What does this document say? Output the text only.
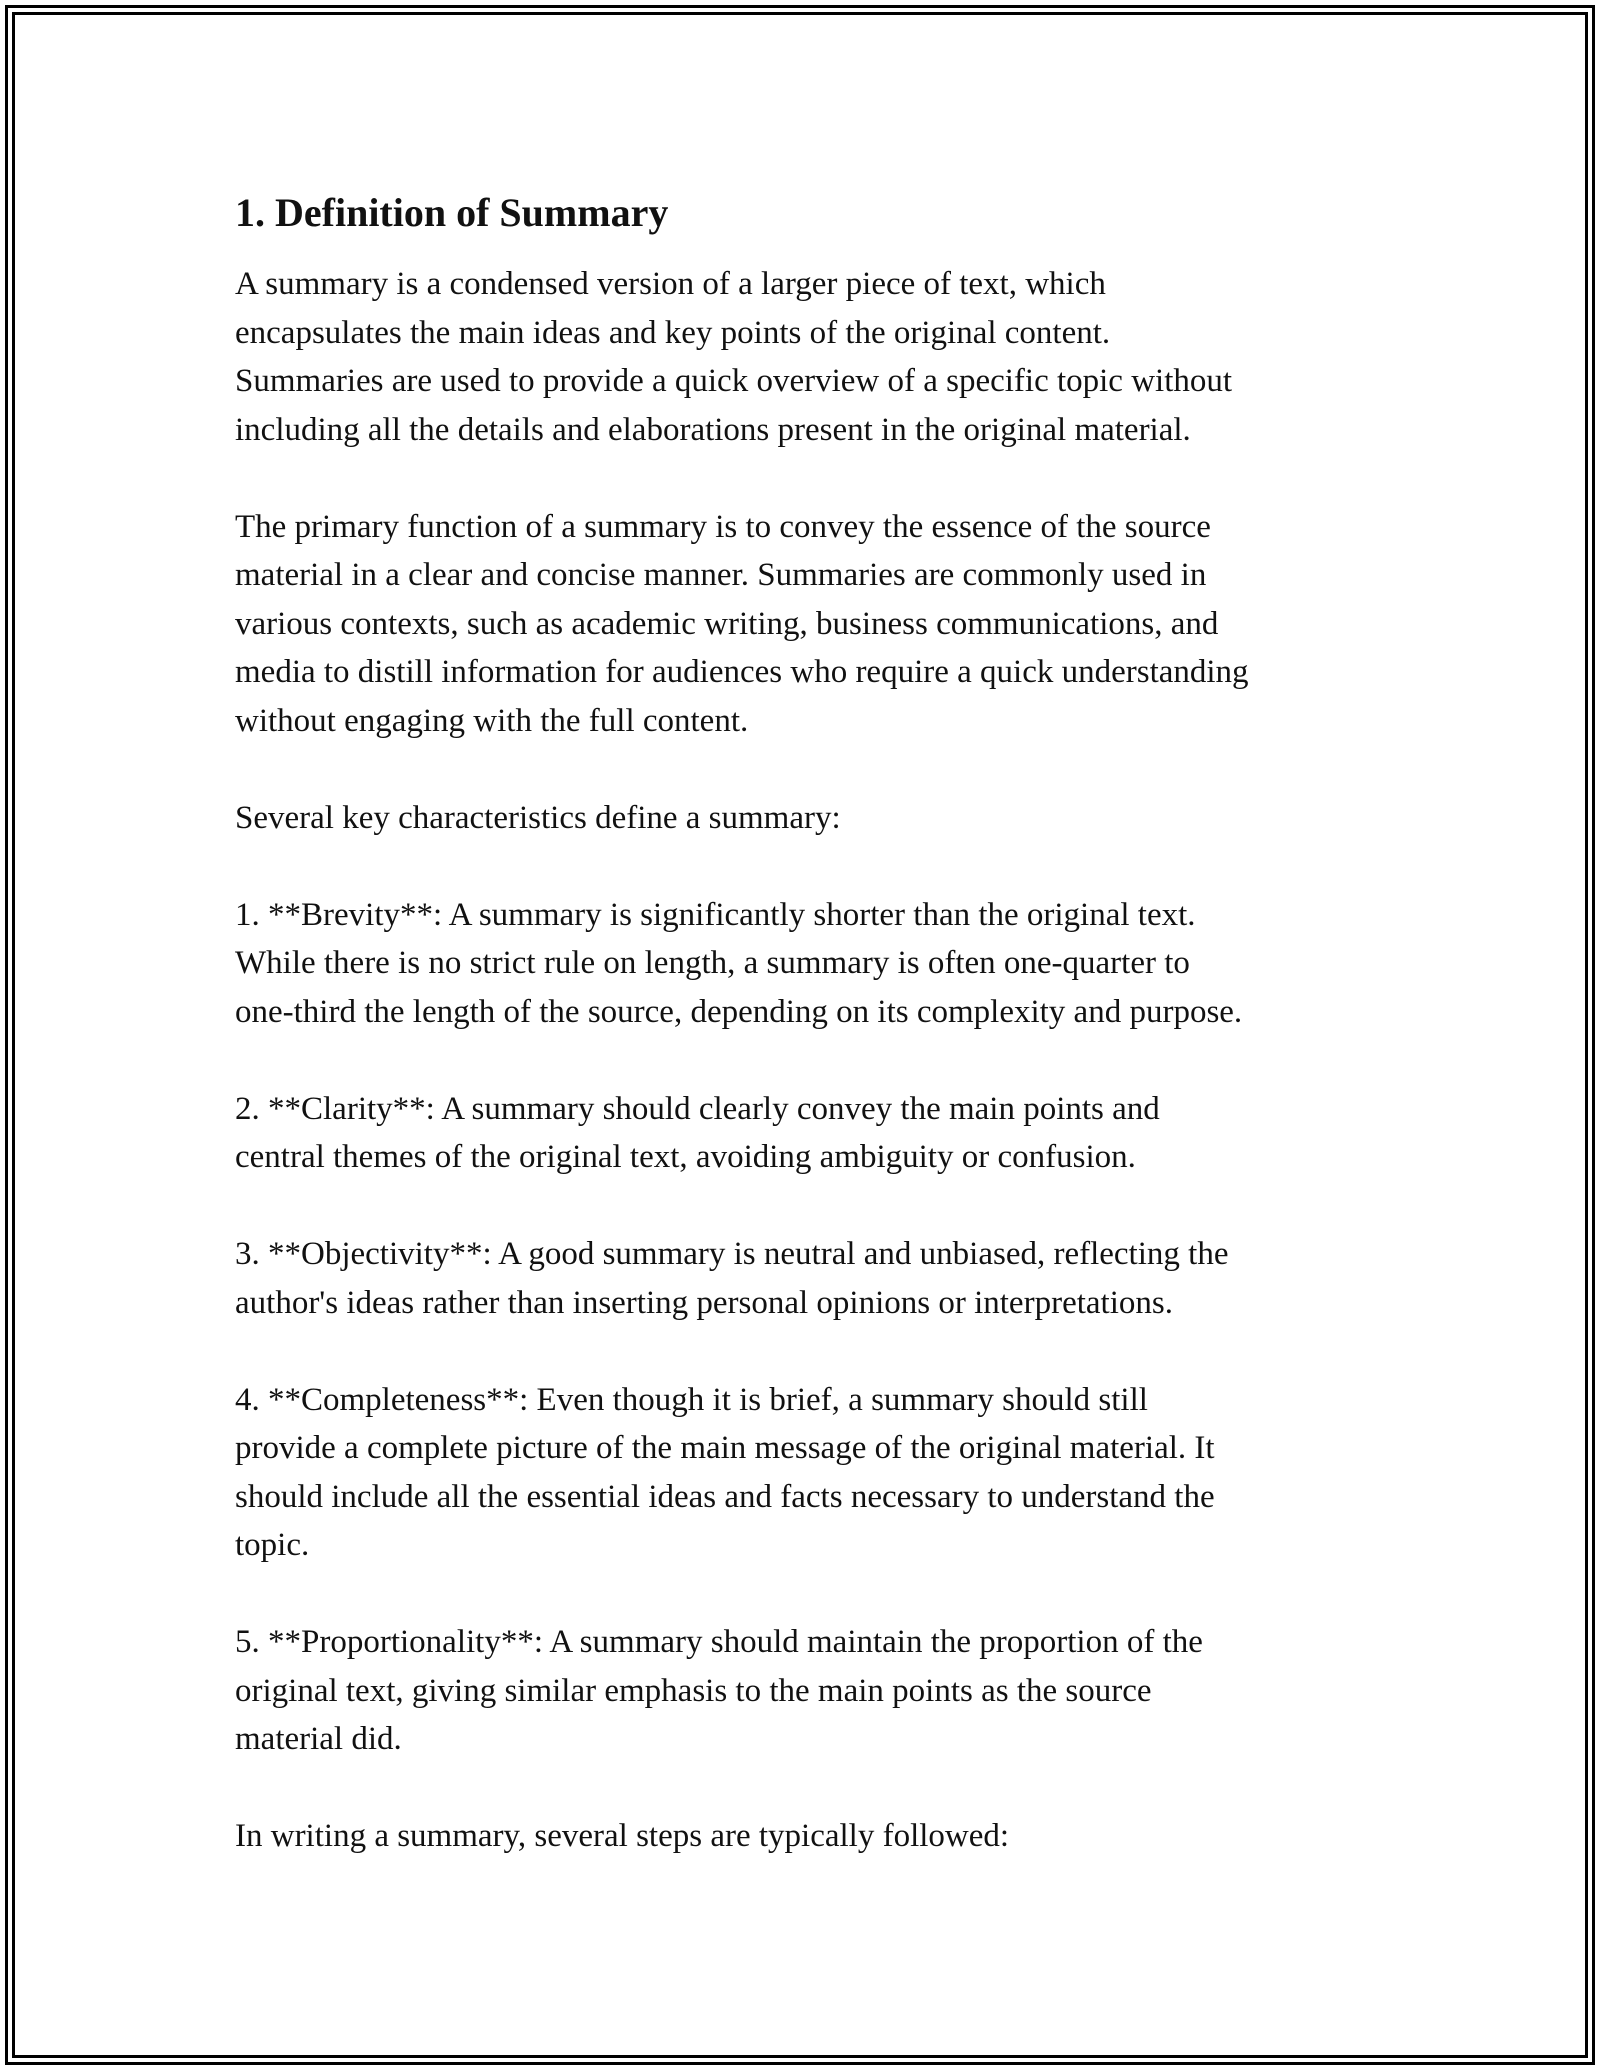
1. Definition of Summary

A summary is a condensed version of a larger piece of text, which
encapsulates the main ideas and key points of the original content.
Summaries are used to provide a quick overview of a specific topic without
including all the details and elaborations present in the original material.

The primary function of a summary is to convey the essence of the source
material in a clear and concise manner. Summaries are commonly used in
various contexts, such as academic writing, business communications, and
media to distill information for audiences who require a quick understanding
without engaging with the full content.

Several key characteristics define a summary:

1. **Brevity**: A summary is significantly shorter than the original text.
While there is no strict rule on length, a summary is often one-quarter to
one-third the length of the source, depending on its complexity and purpose.

2. **Clarity**: A summary should clearly convey the main points and
central themes of the original text, avoiding ambiguity or confusion.

3. **Objectivity**: A good summary is neutral and unbiased, reflecting the
author's ideas rather than inserting personal opinions or interpretations.

4. **Completeness**: Even though it is brief, a summary should still
provide a complete picture of the main message of the original material. It
should include all the essential ideas and facts necessary to understand the
topic.

5. **Proportionality**: A summary should maintain the proportion of the
original text, giving similar emphasis to the main points as the source
material did.

In writing a summary, several steps are typically followed:
